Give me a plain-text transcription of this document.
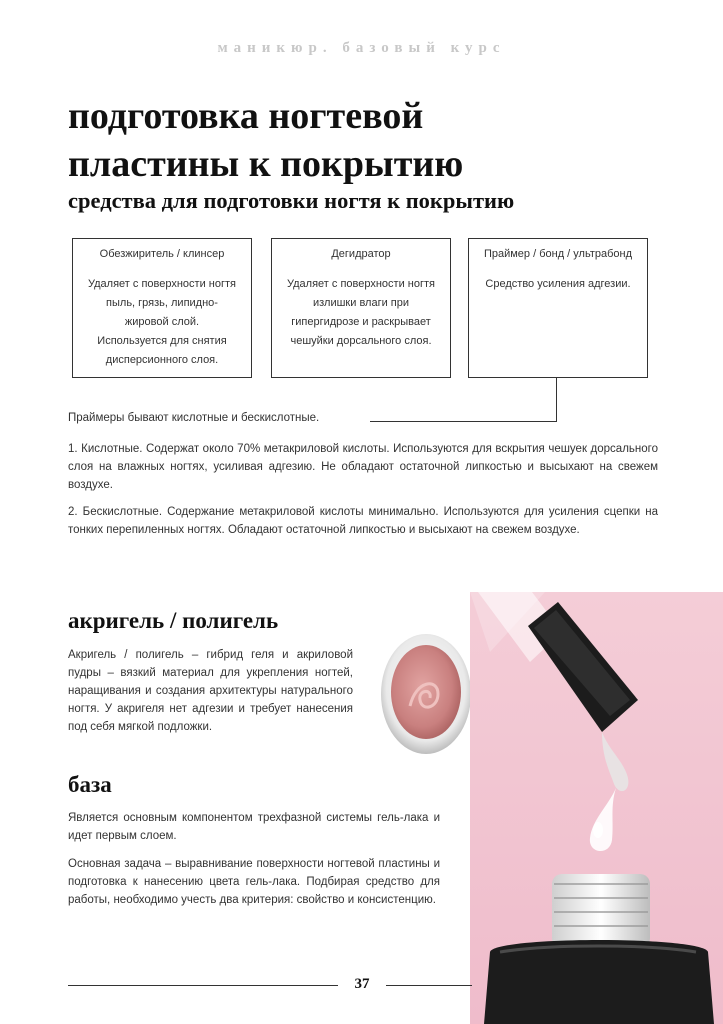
маникюр. базовый курс
подготовка ногтевой
пластины к покрытию
средства для подготовки ногтя к покрытию
Обезжиритель / клинсер
Удаляет с поверхности ногтя пыль, грязь, липидно-жировой слой.
Используется для снятия дисперсионного слоя.
Дегидратор
Удаляет с поверхности ногтя излишки влаги при гипергидрозе и раскрывает чешуйки дорсального слоя.
Праймер / бонд / ультрабонд
Средство усиления адгезии.
Праймеры бывают кислотные и бескислотные.

1. Кислотные. Содержат около 70% метакриловой кислоты. Используются для вскрытия чешуек дорсального слоя на влажных ногтях, усиливая адгезию. Не обладают остаточной липкостью и высыхают на свежем воздухе.

2. Бескислотные. Содержание метакриловой кислоты минимально. Используются для усиления сцепки на тонких перепиленных ногтях. Обладают остаточной липкостью и высыхают на свежем воздухе.

акригель / полигель

Акригель / полигель – гибрид геля и акриловой пудры – вязкий материал для укрепления ногтей, наращивания и создания архитектуры натурального ногтя. У акригеля нет адгезии и требует нанесения под себя мягкой подложки.

база

Является основным компонентом трехфазной системы гель-лака и идет первым слоем.

Основная задача – выравнивание поверхности ногтевой пластины и подготовка к нанесению цвета гель-лака. Подбирая средство для работы, необходимо учесть два критерия: свойство и консистенцию.

37
